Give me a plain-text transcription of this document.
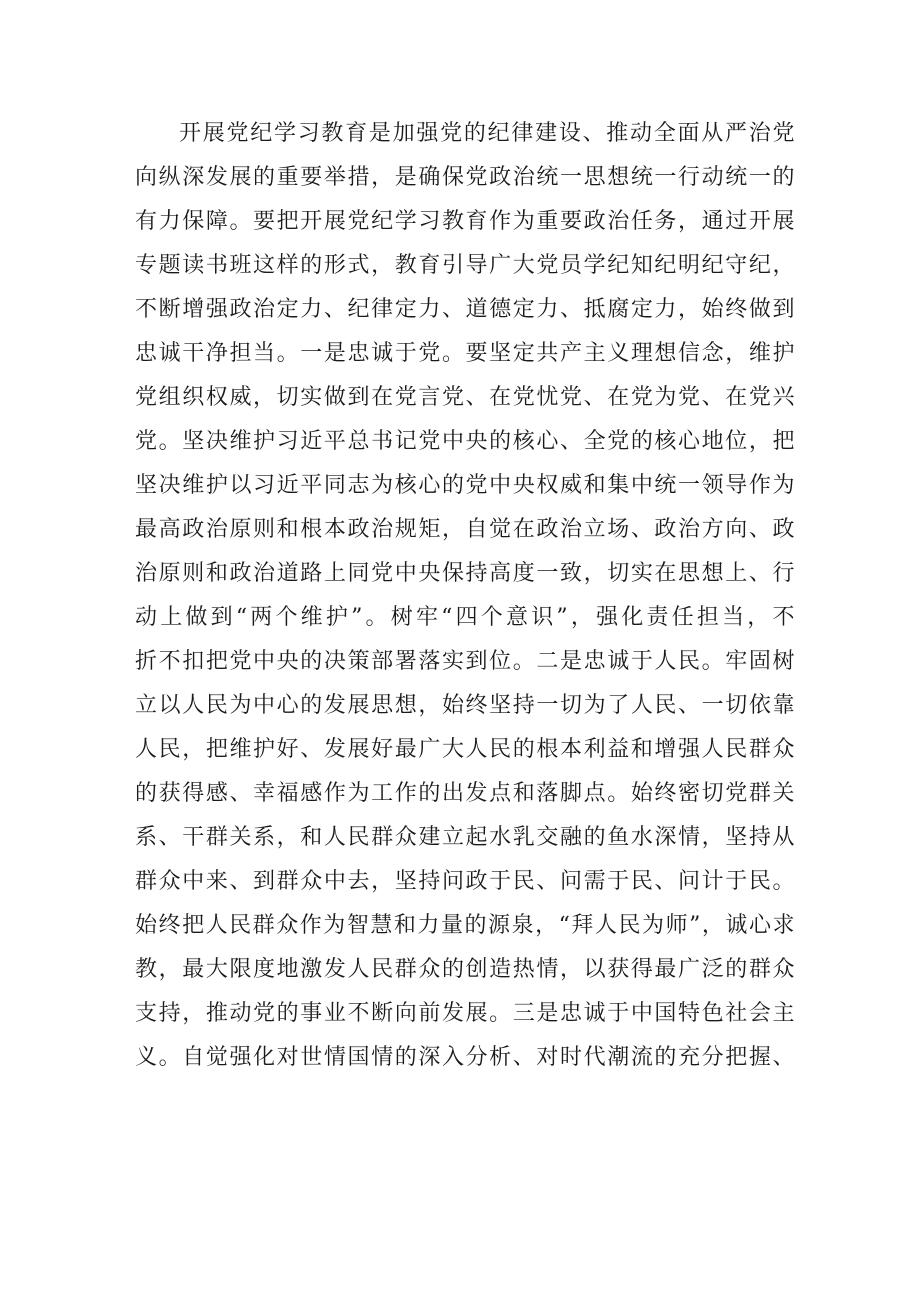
开展党纪学习教育是加强党的纪律建设、推动全面从严治党
向纵深发展的重要举措，是确保党政治统一思想统一行动统一的
有力保障。要把开展党纪学习教育作为重要政治任务，通过开展
专题读书班这样的形式，教育引导广大党员学纪知纪明纪守纪，
不断增强政治定力、纪律定力、道德定力、抵腐定力，始终做到
忠诚干净担当。一是忠诚于党。要坚定共产主义理想信念，维护
党组织权威，切实做到在党言党、在党忧党、在党为党、在党兴
党。坚决维护习近平总书记党中央的核心、全党的核心地位，把
坚决维护以习近平同志为核心的党中央权威和集中统一领导作为
最高政治原则和根本政治规矩，自觉在政治立场、政治方向、政
治原则和政治道路上同党中央保持高度一致，切实在思想上、行
动上做到“两个维护”。树牢“四个意识”，强化责任担当，不
折不扣把党中央的决策部署落实到位。二是忠诚于人民。牢固树
立以人民为中心的发展思想，始终坚持一切为了人民、一切依靠
人民，把维护好、发展好最广大人民的根本利益和增强人民群众
的获得感、幸福感作为工作的出发点和落脚点。始终密切党群关
系、干群关系，和人民群众建立起水乳交融的鱼水深情，坚持从
群众中来、到群众中去，坚持问政于民、问需于民、问计于民。
始终把人民群众作为智慧和力量的源泉，“拜人民为师”，诚心求
教，最大限度地激发人民群众的创造热情，以获得最广泛的群众
支持，推动党的事业不断向前发展。三是忠诚于中国特色社会主
义。自觉强化对世情国情的深入分析、对时代潮流的充分把握、
